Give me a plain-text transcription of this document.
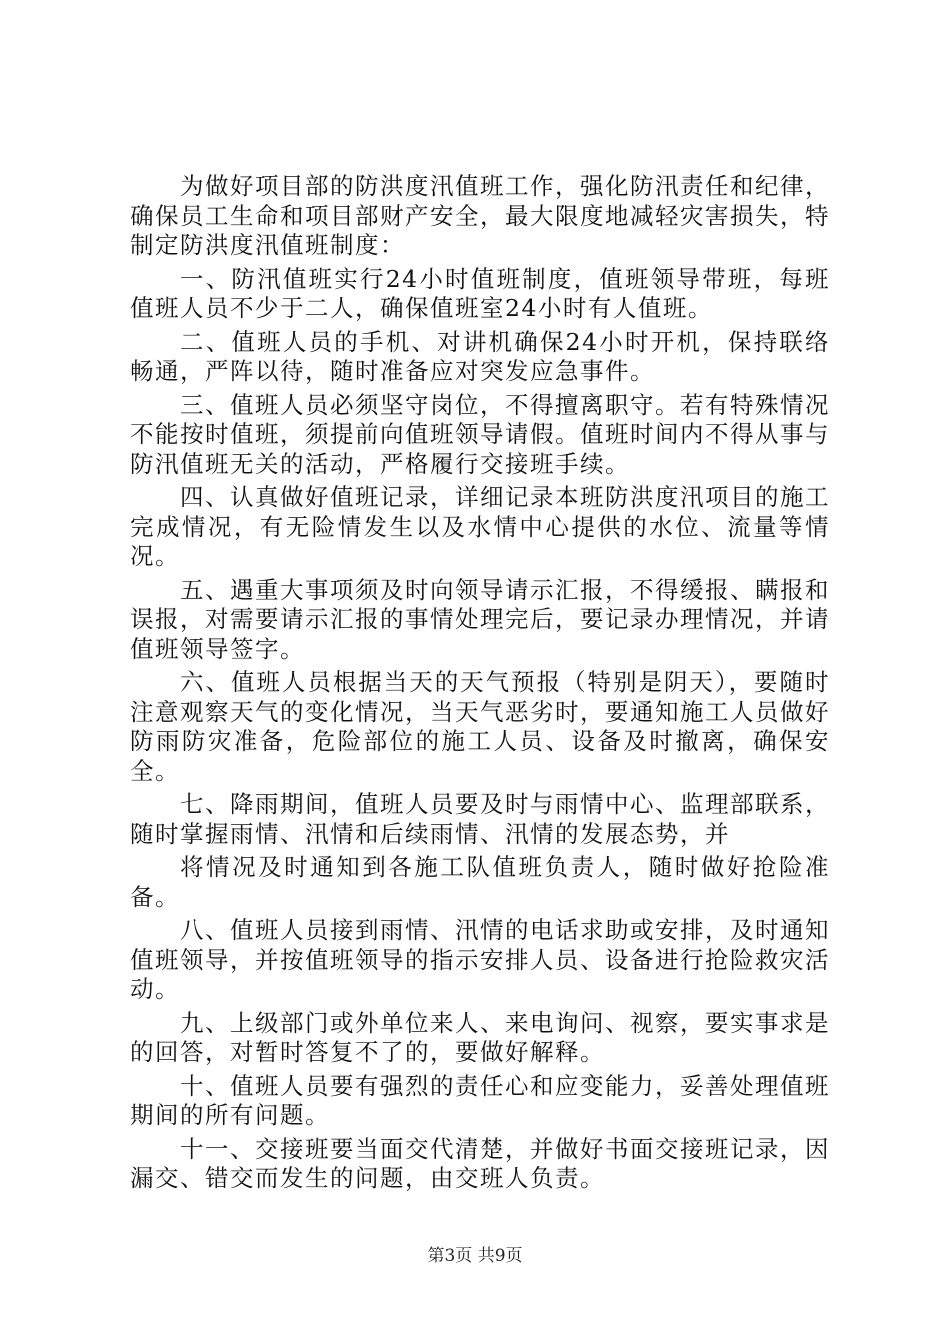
为做好项目部的防洪度汛值班工作，强化防汛责任和纪律，确保员工生命和项目部财产安全，最大限度地减轻灾害损失，特制定防洪度汛值班制度：

一、防汛值班实行24小时值班制度，值班领导带班，每班值班人员不少于二人，确保值班室24小时有人值班。

二、值班人员的手机、对讲机确保24小时开机，保持联络畅通，严阵以待，随时准备应对突发应急事件。

三、值班人员必须坚守岗位，不得擅离职守。若有特殊情况不能按时值班，须提前向值班领导请假。值班时间内不得从事与防汛值班无关的活动，严格履行交接班手续。

四、认真做好值班记录，详细记录本班防洪度汛项目的施工完成情况，有无险情发生以及水情中心提供的水位、流量等情况。

五、遇重大事项须及时向领导请示汇报，不得缓报、瞒报和误报，对需要请示汇报的事情处理完后，要记录办理情况，并请值班领导签字。

六、值班人员根据当天的天气预报（特别是阴天），要随时注意观察天气的变化情况，当天气恶劣时，要通知施工人员做好防雨防灾准备，危险部位的施工人员、设备及时撤离，确保安全。

七、降雨期间，值班人员要及时与雨情中心、监理部联系，随时掌握雨情、汛情和后续雨情、汛情的发展态势，并

将情况及时通知到各施工队值班负责人，随时做好抢险准备。

八、值班人员接到雨情、汛情的电话求助或安排，及时通知值班领导，并按值班领导的指示安排人员、设备进行抢险救灾活动。

九、上级部门或外单位来人、来电询问、视察，要实事求是的回答，对暂时答复不了的，要做好解释。

十、值班人员要有强烈的责任心和应变能力，妥善处理值班期间的所有问题。

十一、交接班要当面交代清楚，并做好书面交接班记录，因漏交、错交而发生的问题，由交班人负责。

第3页 共9页
